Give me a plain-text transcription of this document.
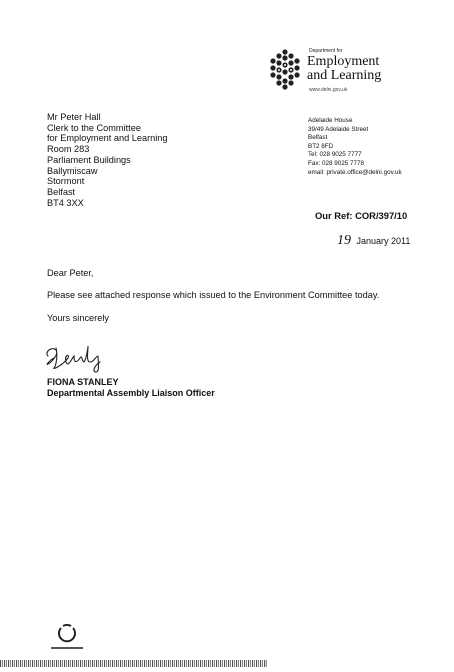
Department for
Employment
and Learning
www.delni.gov.uk
Mr Peter Hall
Clerk to the Committee
for Employment and Learning
Room 283
Parliament Buildings
Ballymiscaw
Stormont
Belfast
BT4 3XX
Adelaide House
39/49 Adelaide Street
Belfast
BT2 8FD
Tel: 028 9025 7777
Fax: 028 9025 7778
email: private.office@delni.gov.uk
Our Ref: COR/397/10
19 January 2011
Dear Peter,
Please see attached response which issued to the Environment Committee today.
Yours sincerely
FIONA STANLEY
Departmental Assembly Liaison Officer
